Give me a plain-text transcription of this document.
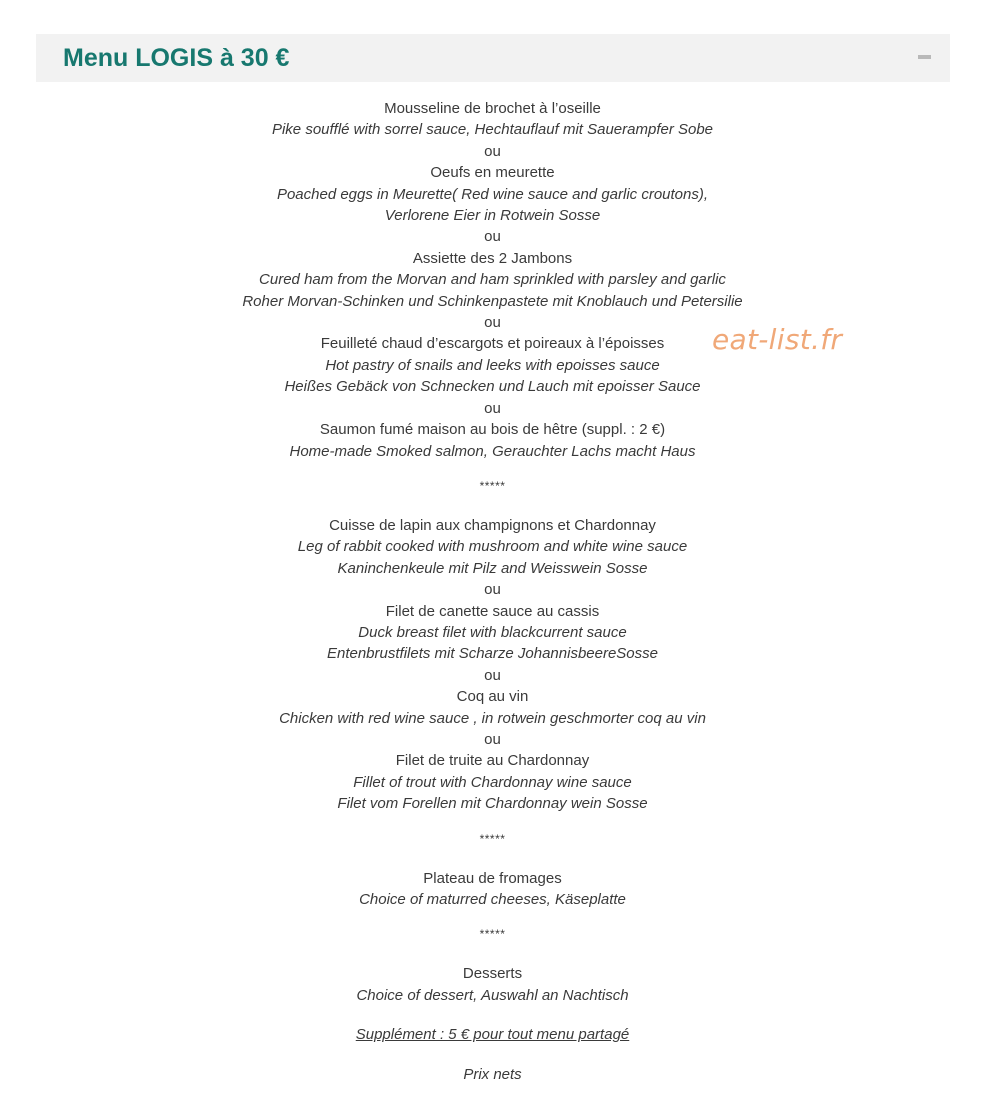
Menu LOGIS à 30 €
Mousseline de brochet à l’oseille
Pike soufflé with sorrel sauce, Hechtauflauf mit Sauerampfer Sobe
ou
Oeufs en meurette
Poached eggs in Meurette( Red wine sauce and garlic croutons),
Verlorene Eier in Rotwein Sosse
ou
Assiette des 2 Jambons
Cured ham from the Morvan and ham sprinkled with parsley and garlic
Roher Morvan-Schinken und Schinkenpastete mit Knoblauch und Petersilie
ou
Feuilleté chaud d’escargots et poireaux à l’époisses
Hot pastry of snails and leeks with epoisses sauce
Heißes Gebäck von Schnecken und Lauch mit epoisser Sauce
ou
Saumon fumé maison au bois de hêtre (suppl. : 2 €)
Home-made Smoked salmon, Gerauchter Lachs macht Haus
*****
Cuisse de lapin aux champignons et Chardonnay
Leg of rabbit cooked with mushroom and white wine sauce
Kaninchenkeule mit Pilz and Weisswein Sosse
ou
Filet de canette sauce au cassis
Duck breast filet with blackcurrent sauce
Entenbrustfilets mit Scharze JohannisbeereSosse
ou
Coq au vin
Chicken with red wine sauce , in rotwein geschmorter coq au vin
ou
Filet de truite au Chardonnay
Fillet of trout with Chardonnay wine sauce
Filet vom Forellen mit Chardonnay wein Sosse
*****
Plateau de fromages
Choice of maturred cheeses, Käseplatte
*****
Desserts
Choice of dessert, Auswahl an Nachtisch
Supplément : 5 € pour tout menu partagé
Prix nets
eat-list.fr
